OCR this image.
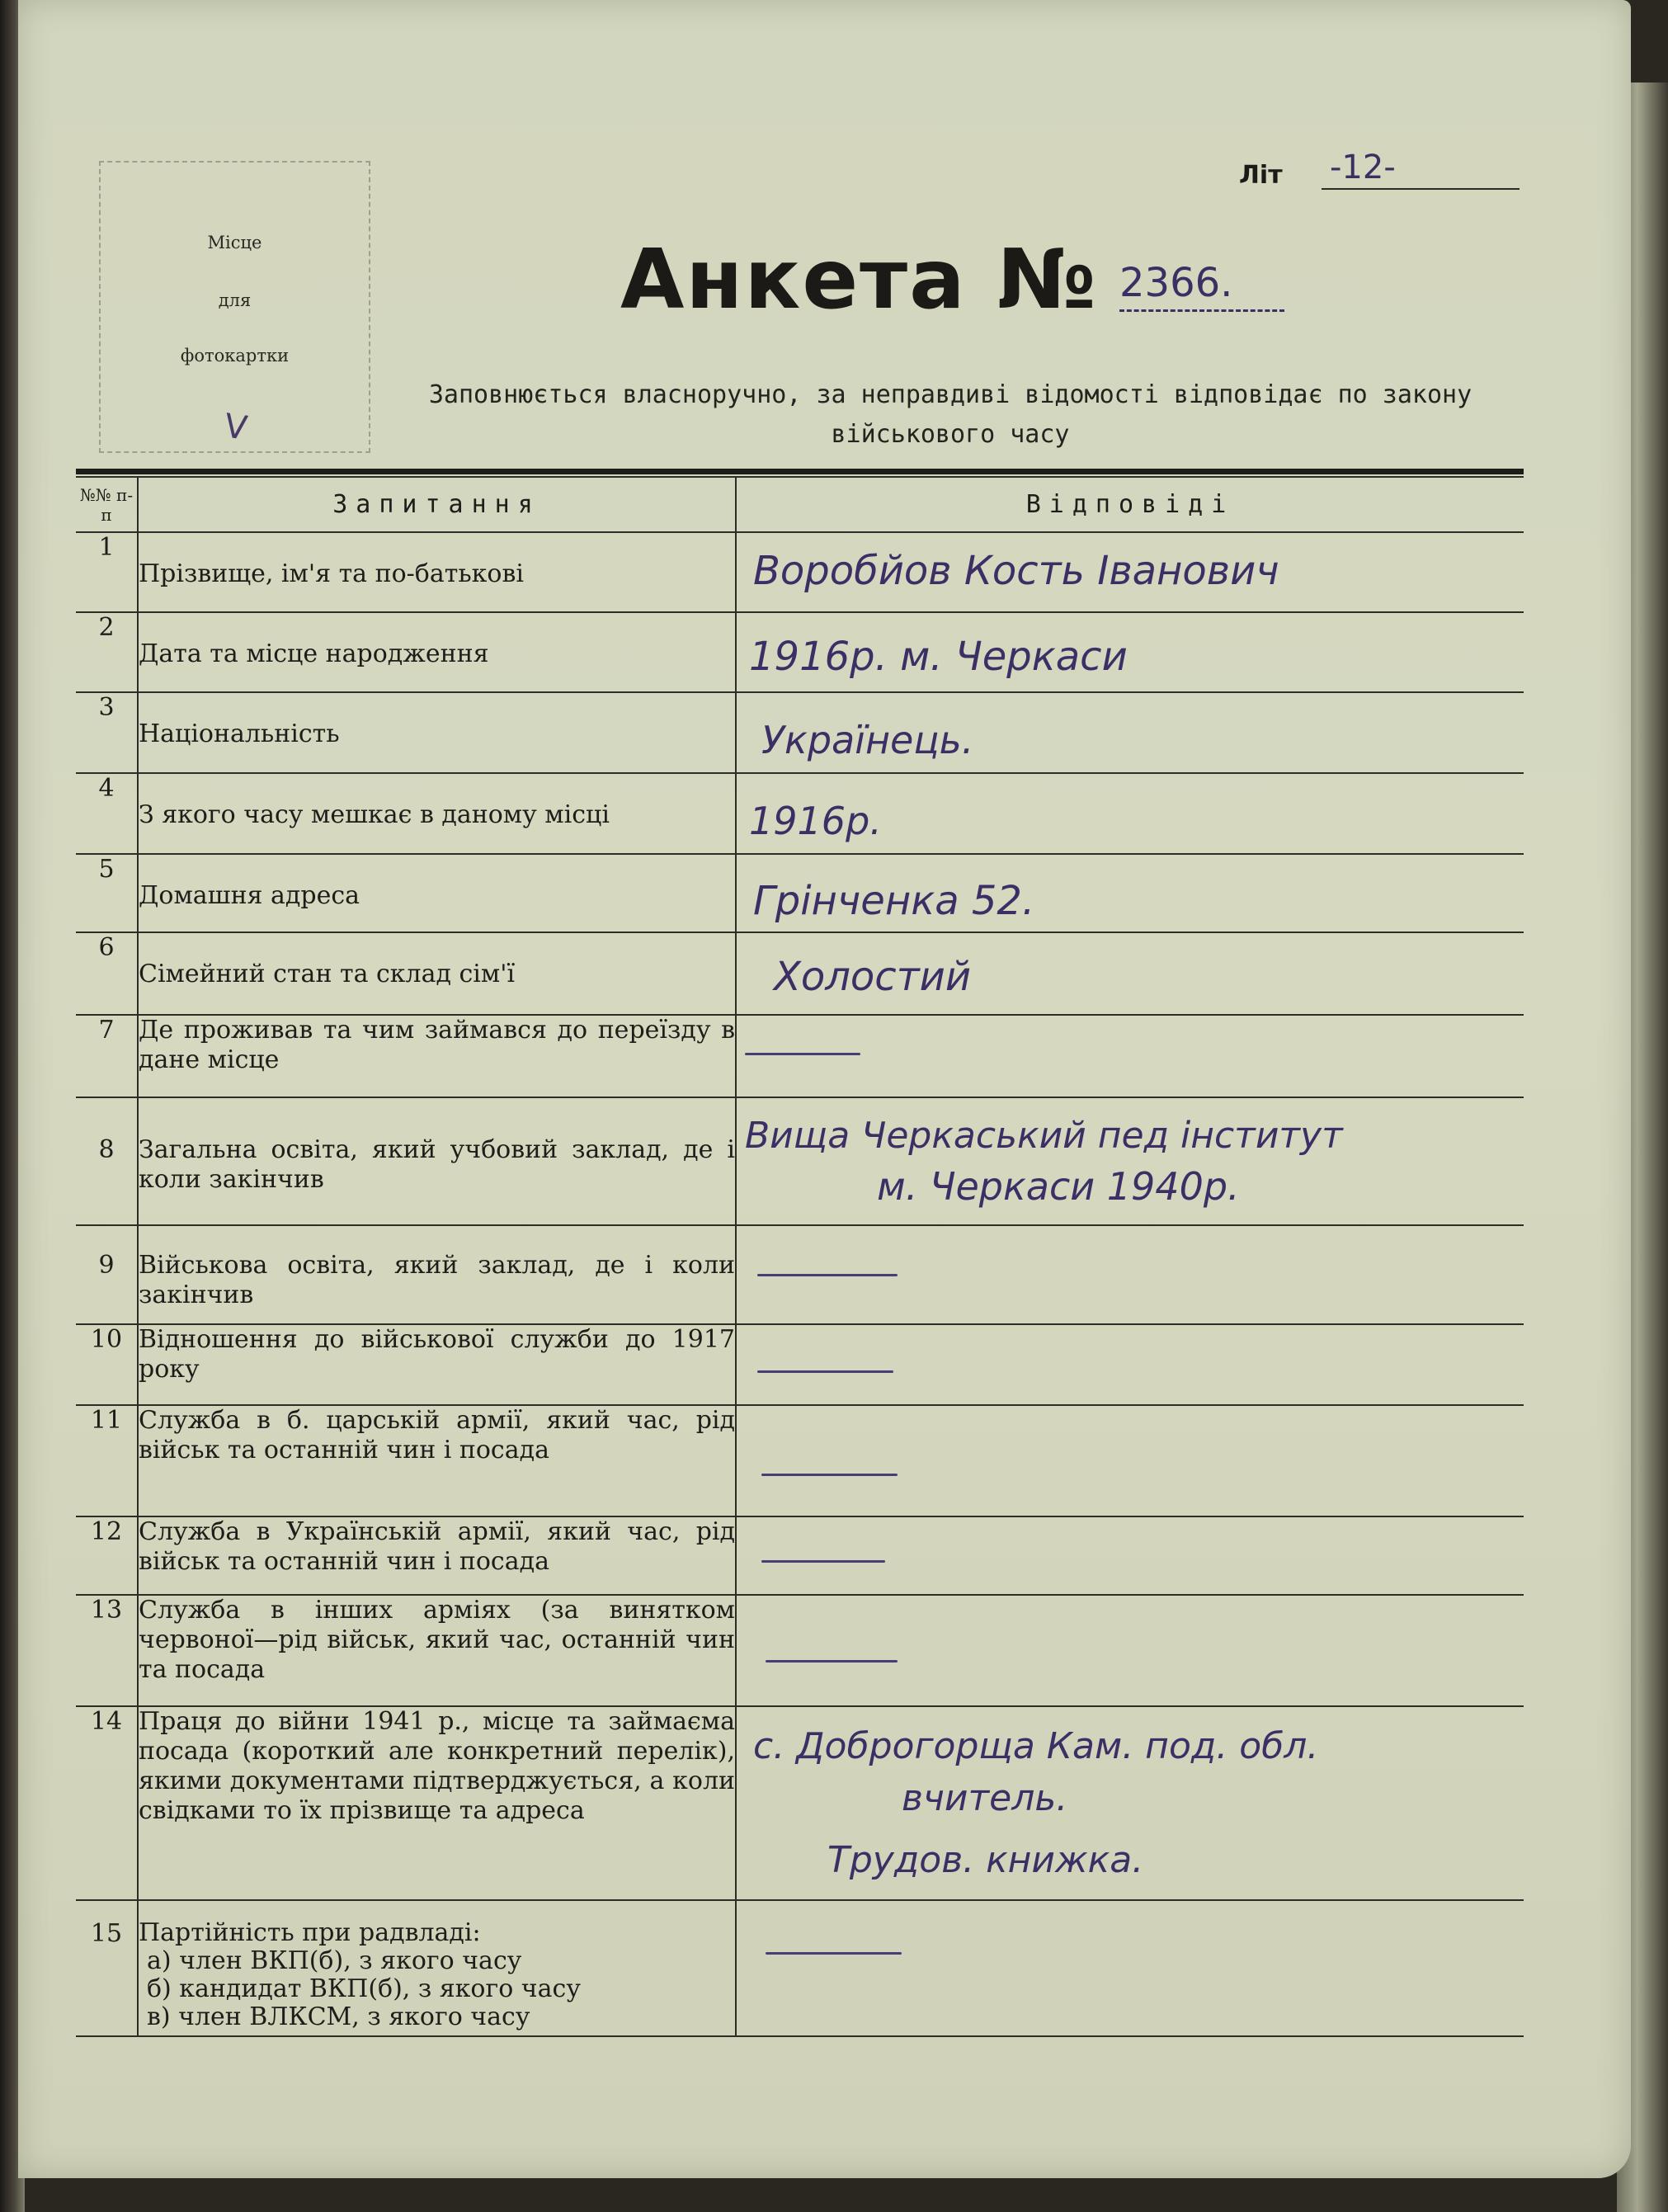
Місце
для
фотокартки
V
Літ -12-
Анкета № 2366.
Заповнюється власноручно, за неправдиві відомості відповідає по закону
військового часу
№№ п-п	Запитання	Відповіді
1	Прізвище, ім'я та по-батькові	Воробйов Кость Іванович

2	Дата та місце народження	1916р. м. Черкаси

3	Національність	Українець.

4	З якого часу мешкає в даному місці	1916р.

5	Домашня адреса	Грінченка 52.

6	Сімейний стан та склад сім'ї	Холостий

7	Де проживав та чим займався до переїзду в дане місце	

8	Загальна освіта, який учбовий заклад, де і коли закінчив	Вища Черкаський пед інститут
м. Черкаси 1940р.

9	Військова освіта, який заклад, де і коли закінчив	

10	Відношення до військової служби до 1917 року	

11	Служба в б. царській армії, який час, рід військ та останній чин і посада	

12	Служба в Українській армії, який час, рід військ та останній чин і посада	

13	Служба в інших арміях (за винятком червоної—рід військ, який час, останній чин та посада	

14	Праця до війни 1941 р., місце та займаєма посада (короткий але конкретний перелік), якими документами підтверджується, а коли свідками то їх прізвище та адреса	с. Доброгорща Кам. под. обл.
вчитель.
Трудов. книжка.

15	Партійність при радвладі:
а) член ВКП(б), з якого часу
б) кандидат ВКП(б), з якого часу
в) член ВЛКСМ, з якого часу	
